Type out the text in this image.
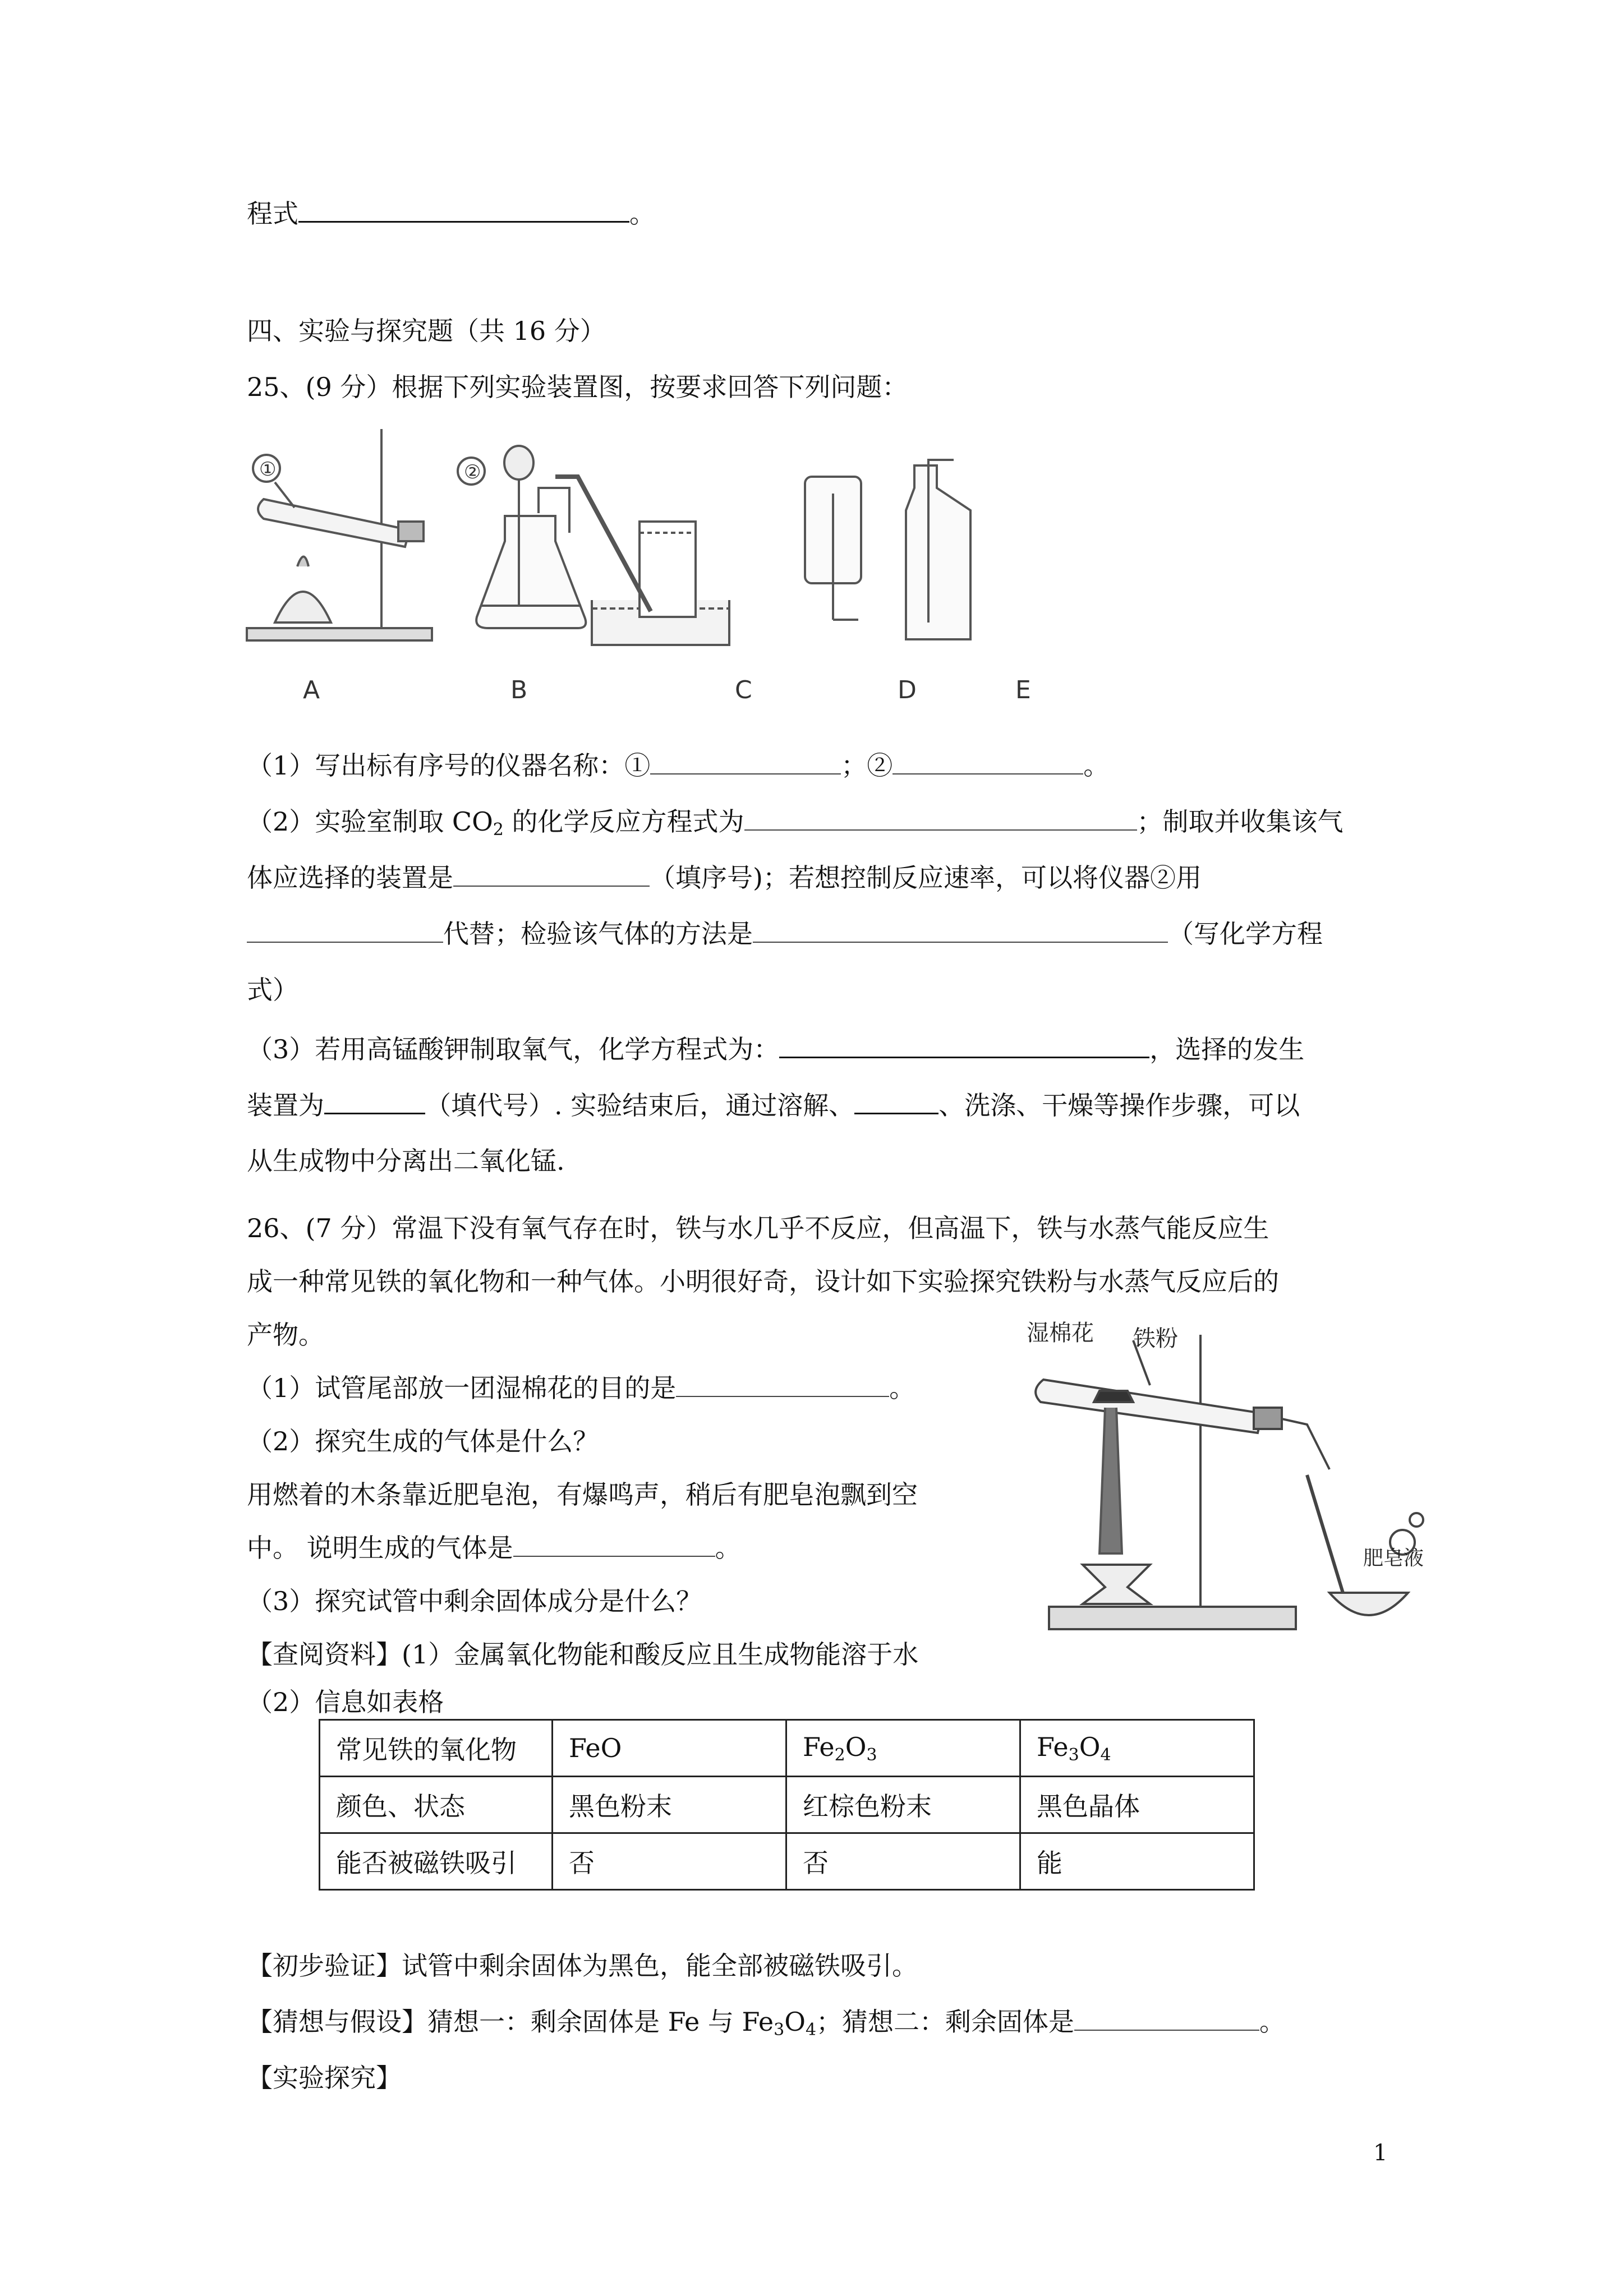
程式	。
四、实验与探究题（共 16 分）
25、(9 分）根据下列实验装置图，按要求回答下列问题：
①	②
A	B	C	D	E
（1）写出标有序号的仪器名称：①	；②	。
（2）实验室制取 $CO_2$ 的化学反应方程式为	；制取并收集该气
体应选择的装置是	（填序号)；若想控制反应速率，可以将仪器②用
代替；检验该气体的方法是	（写化学方程
式）
（3）若用高锰酸钾制取氧气，化学方程式为：	，选择的发生
装置为	（填代号）. 实验结束后，通过溶解、	、洗涤、干燥等操作步骤，可以
从生成物中分离出二氧化锰.
26、(7 分）常温下没有氧气存在时，铁与水几乎不反应，但高温下，铁与水蒸气能反应生
成一种常见铁的氧化物和一种气体。小明很好奇，设计如下实验探究铁粉与水蒸气反应后的
产物。
（1）试管尾部放一团湿棉花的目的是	。
（2）探究生成的气体是什么？
用燃着的木条靠近肥皂泡，有爆鸣声，稍后有肥皂泡飘到空
中。 说明生成的气体是	。
（3）探究试管中剩余固体成分是什么？
【查阅资料】(1）金属氧化物能和酸反应且生成物能溶于水
（2）信息如表格
湿棉花 铁粉
肥皂液
常见铁的氧化物	FeO	$Fe_2O_3$	$Fe_3O_4$
颜色、状态	黑色粉末	红棕色粉末	黑色晶体
能否被磁铁吸引	否	否	能
【初步验证】试管中剩余固体为黑色，能全部被磁铁吸引。
【猜想与假设】猜想一：剩余固体是 Fe 与 $Fe_3O_4$；猜想二：剩余固体是	。
【实验探究】
1
